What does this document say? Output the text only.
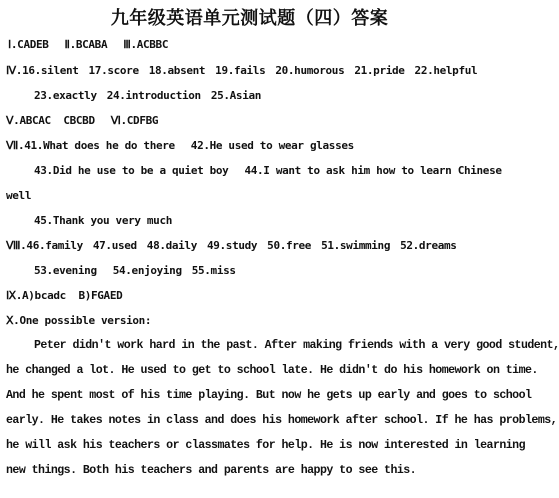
九年级英语单元测试题（四）答案
Ⅰ.CADEB Ⅱ.BCABA Ⅲ.ACBBC
Ⅳ.16.silent 17.score 18.absent 19.fails 20.humorous 21.pride 22.helpful
23.exactly 24.introduction 25.Asian
Ⅴ.ABCAC  CBCBD Ⅵ.CDFBG
Ⅶ.41.What does he do there 42.He used to wear glasses
43.Did he use to be a quiet boy 44.I want to ask him how to learn Chinese
well
45.Thank you very much
Ⅷ.46.family 47.used 48.daily 49.study 50.free 51.swimming 52.dreams
53.evening 54.enjoying 55.miss
Ⅸ.A)bcadc  B)FGAED
Ⅹ.One possible version:
Peter didn't work hard in the past. After making friends with a very good student,
he changed a lot. He used to get to school late. He didn't do his homework on time.
And he spent most of his time playing. But now he gets up early and goes to school
early. He takes notes in class and does his homework after school. If he has problems,
he will ask his teachers or classmates for help. He is now interested in learning
new things. Both his teachers and parents are happy to see this.
